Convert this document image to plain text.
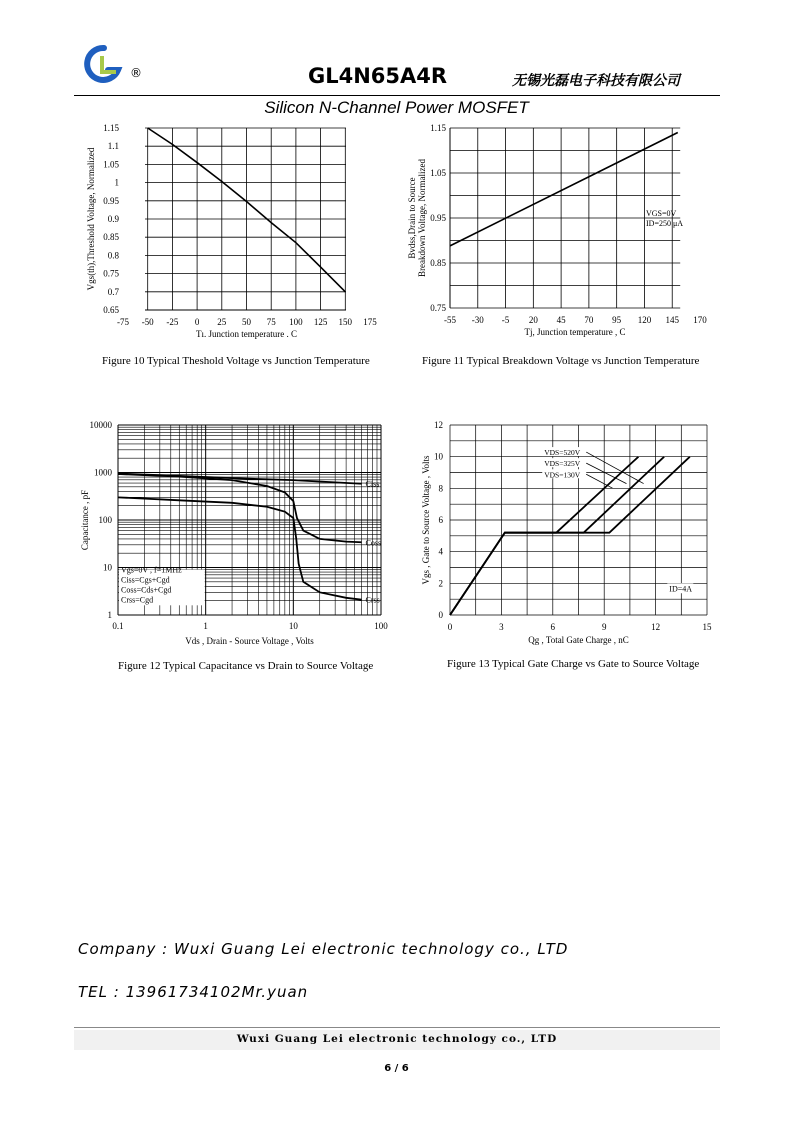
®	GL4N65A4R	无锡光磊电子科技有限公司
Silicon N-Channel Power MOSFET
-75 -50 -25 0 25 50 75 100 125 150 175
1.15
1.1
1.05
1
0.95
0.9
0.85
0.8
0.75
0.7
0.65
Tı. Junction temperature . C
Vgs(th),Threshold Voltage, Normalized
Figure 10 Typical Theshold Voltage vs Junction Temperature
-55 -30 -5 20 45 70 95 120 145 170
1.15
1.05
0.95
0.85
0.75
VGS=0V
ID=250 μA
Tj, Junction temperature , C
Bvdss,Drain to Source Breakdown Voltage, Normalized
Figure 11 Typical Breakdown Voltage vs Junction Temperature
0.1	1	10	100
10000
1000
100
10
1
Ciss
Coss
Crss
Vgs=0V , f=1MHz
Ciss=Cgs+Cgd
Coss=Cds+Cgd
Crss=Cgd
Vds , Drain - Source Voltage , Volts
Capacitance , pF
Figure 12 Typical Capacitance vs Drain to Source Voltage
0	3	6	9	12	15
12
10
8
6
4
2
0
VDS=520V
VDS=325V
VDS=130V
ID=4A
Qg , Total Gate Charge , nC
Vgs , Gate to Source Voltage , Volts
Figure 13 Typical Gate Charge vs Gate to Source Voltage
Company : Wuxi Guang Lei electronic technology co., LTD
TEL : 13961734102Mr.yuan
Wuxi Guang Lei electronic technology co., LTD
6 / 6
